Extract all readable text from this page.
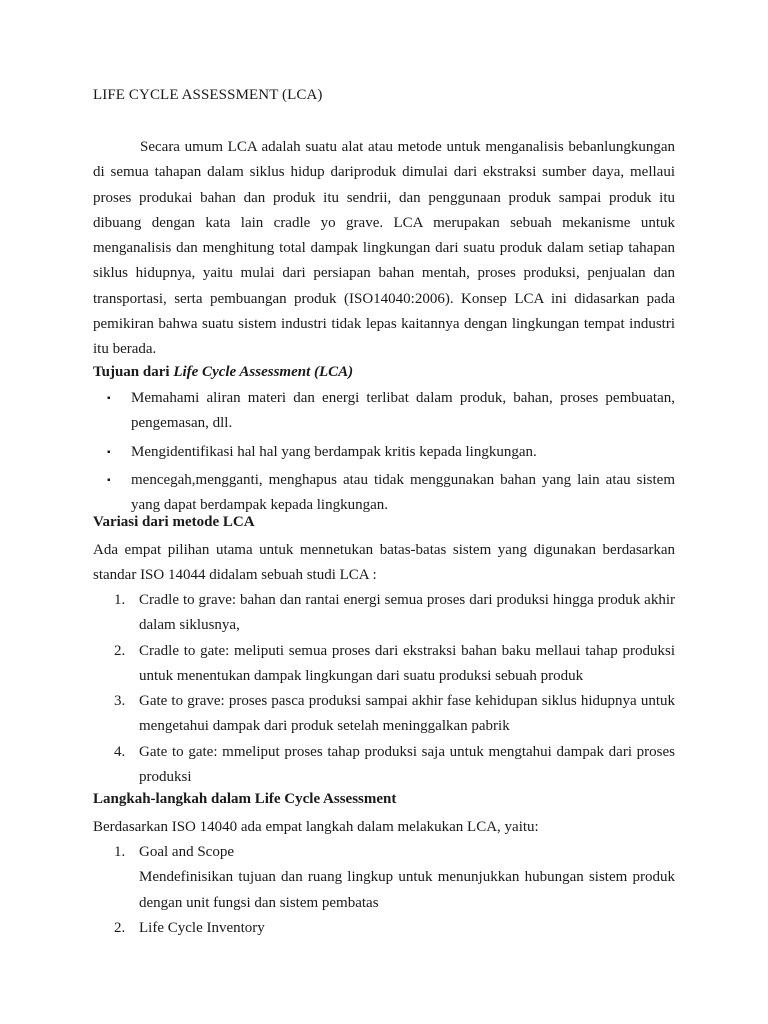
LIFE CYCLE ASSESSMENT (LCA)

Secara umum LCA adalah suatu alat atau metode untuk menganalisis bebanlungkungan di semua tahapan dalam siklus hidup dariproduk dimulai dari ekstraksi sumber daya, mellaui proses produkai bahan dan produk itu sendrii, dan penggunaan produk sampai produk itu dibuang dengan kata lain cradle yo grave. LCA merupakan sebuah mekanisme untuk menganalisis dan menghitung total dampak lingkungan dari suatu produk dalam setiap tahapan siklus hidupnya, yaitu mulai dari persiapan bahan mentah, proses produksi, penjualan dan transportasi, serta pembuangan produk (ISO14040:2006). Konsep LCA ini didasarkan pada pemikiran bahwa suatu sistem industri tidak lepas kaitannya dengan lingkungan tempat industri itu berada.

Tujuan dari Life Cycle Assessment (LCA)
▪ Memahami aliran materi dan energi terlibat dalam produk, bahan, proses pembuatan, pengemasan, dll.
▪ Mengidentifikasi hal hal yang berdampak kritis kepada lingkungan.
▪ mencegah,mengganti, menghapus atau tidak menggunakan bahan yang lain atau sistem yang dapat berdampak kepada lingkungan.
Variasi dari metode LCA

Ada empat pilihan utama untuk mennetukan batas-batas sistem yang digunakan berdasarkan standar ISO 14044 didalam sebuah studi LCA :

1. Cradle to grave: bahan dan rantai energi semua proses dari produksi hingga produk akhir dalam siklusnya,
2. Cradle to gate: meliputi semua proses dari ekstraksi bahan baku mellaui tahap produksi untuk menentukan dampak lingkungan dari suatu produksi sebuah produk
3. Gate to grave: proses pasca produksi sampai akhir fase kehidupan siklus hidupnya untuk mengetahui dampak dari produk setelah meninggalkan pabrik
4. Gate to gate: mmeliput proses tahap produksi saja untuk mengtahui dampak dari proses produksi
Langkah-langkah dalam Life Cycle Assessment

Berdasarkan ISO 14040 ada empat langkah dalam melakukan LCA, yaitu:

1. Goal and Scope
Mendefinisikan tujuan dan ruang lingkup untuk menunjukkan hubungan sistem produk dengan unit fungsi dan sistem pembatas
2. Life Cycle Inventory
